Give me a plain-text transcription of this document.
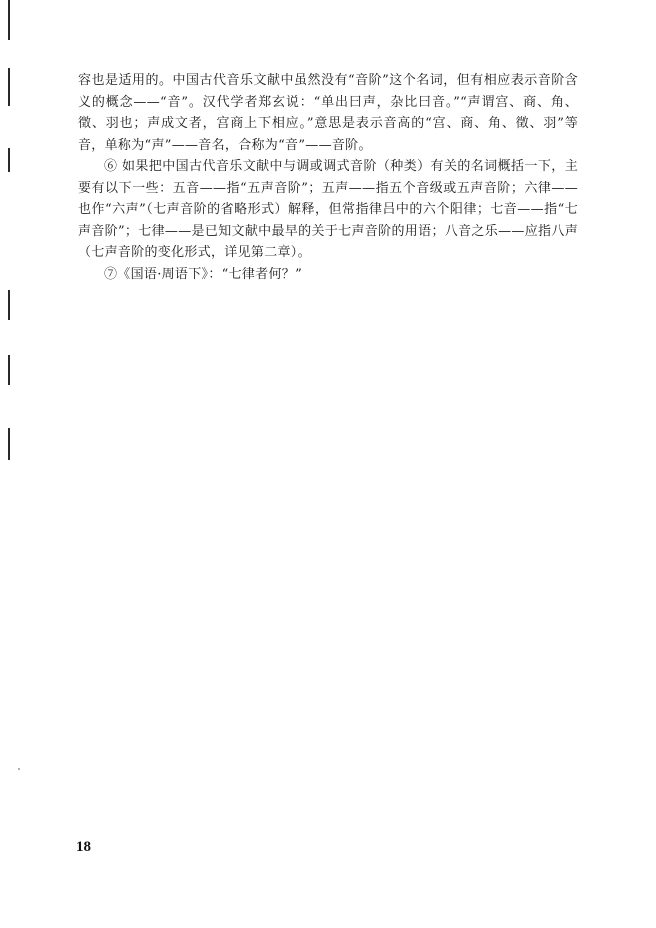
容也是适用的。中国古代音乐文献中虽然没有“音阶”这个名词，但有相应表示音阶含义的概念——“音”。汉代学者郑玄说：“单出曰声，杂比曰音。”“声谓宫、商、角、徵、羽也；声成文者，宫商上下相应。”意思是表示音高的“宫、商、角、徵、羽”等音，单称为“声”——音名，合称为“音”——音阶。

⑥ 如果把中国古代音乐文献中与调或调式音阶（种类）有关的名词概括一下，主要有以下一些：五音——指“五声音阶”；五声——指五个音级或五声音阶；六律——也作“六声”（七声音阶的省略形式）解释，但常指律吕中的六个阳律；七音——指“七声音阶”；七律——是已知文献中最早的关于七声音阶的用语；八音之乐——应指八声（七声音阶的变化形式，详见第二章）。

⑦《国语·周语下》：“七律者何？”

18
